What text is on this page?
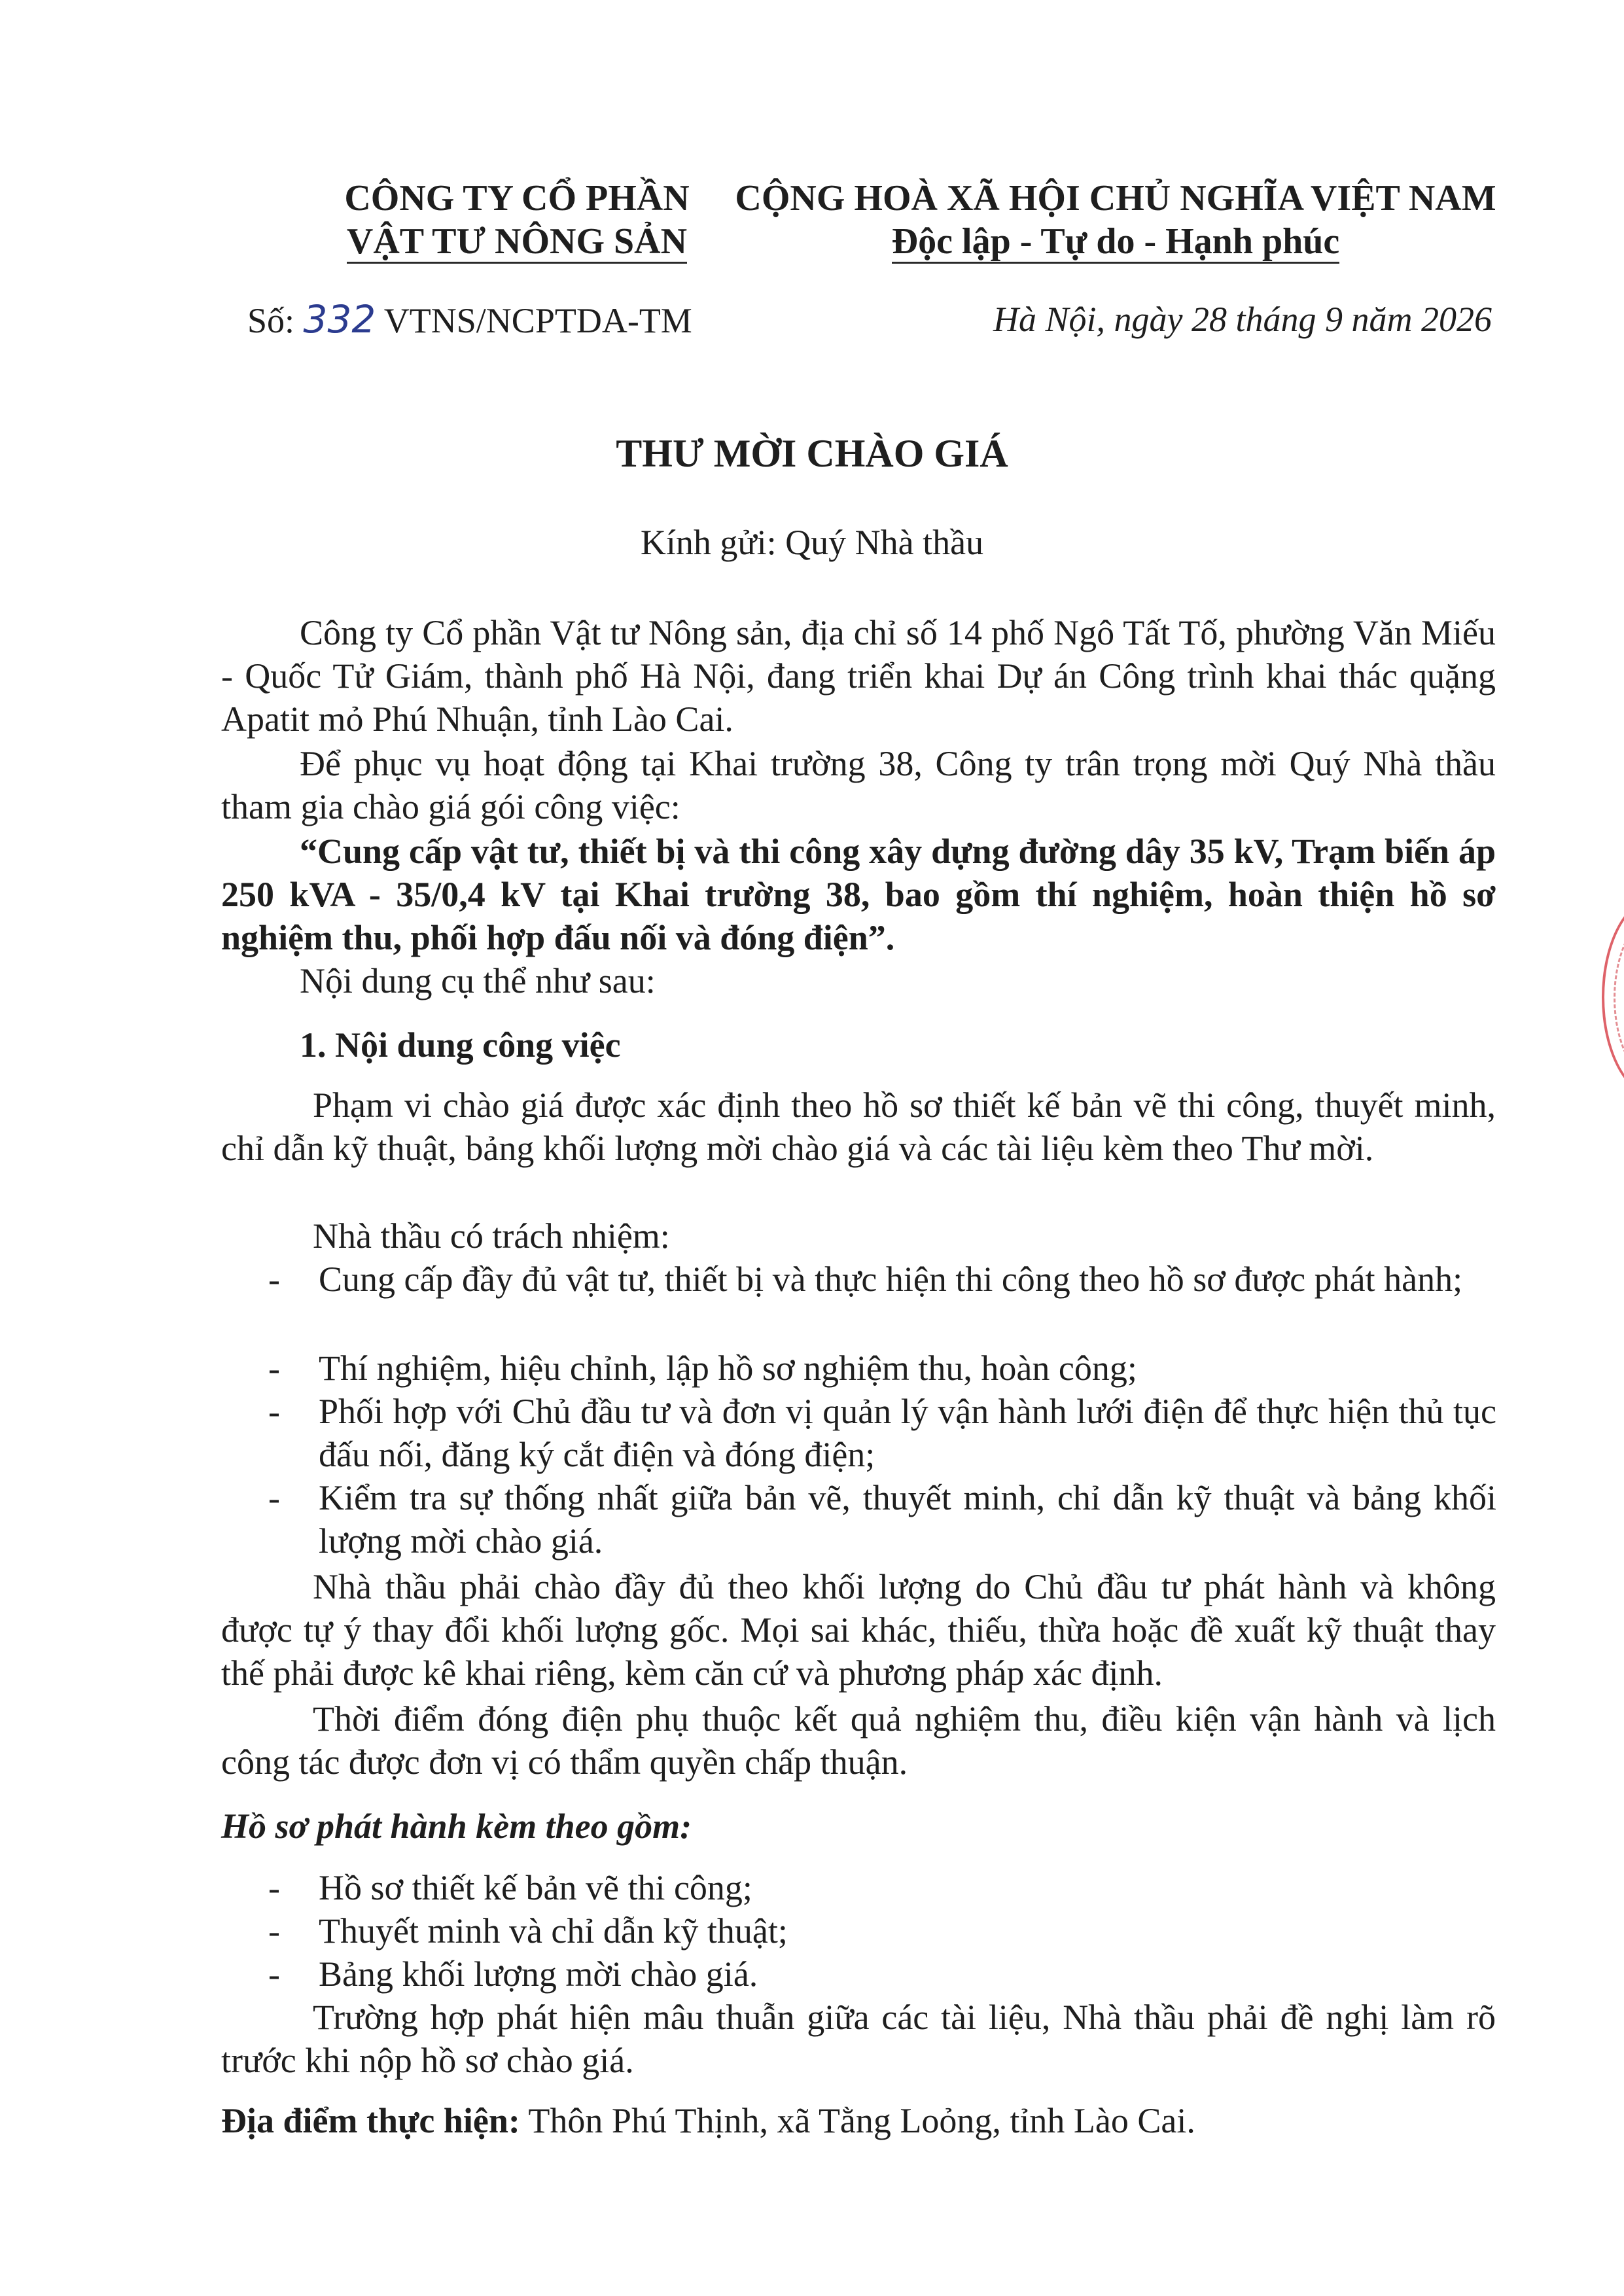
CÔNG TY CỔ PHẦN
VẬT TƯ NÔNG SẢN
CỘNG HOÀ XÃ HỘI CHỦ NGHĨA VIỆT NAM
Độc lập - Tự do - Hạnh phúc
Số: 332 VTNS/NCPTDA-TM	Hà Nội, ngày 28 tháng 9 năm 2026
THƯ MỜI CHÀO GIÁ
Kính gửi: Quý Nhà thầu
Công ty Cổ phần Vật tư Nông sản, địa chỉ số 14 phố Ngô Tất Tố, phường Văn Miếu - Quốc Tử Giám, thành phố Hà Nội, đang triển khai Dự án Công trình khai thác quặng Apatit mỏ Phú Nhuận, tỉnh Lào Cai.
Để phục vụ hoạt động tại Khai trường 38, Công ty trân trọng mời Quý Nhà thầu tham gia chào giá gói công việc:
“Cung cấp vật tư, thiết bị và thi công xây dựng đường dây 35 kV, Trạm biến áp 250 kVA - 35/0,4 kV tại Khai trường 38, bao gồm thí nghiệm, hoàn thiện hồ sơ nghiệm thu, phối hợp đấu nối và đóng điện”.
Nội dung cụ thể như sau:
1. Nội dung công việc
Phạm vi chào giá được xác định theo hồ sơ thiết kế bản vẽ thi công, thuyết minh, chỉ dẫn kỹ thuật, bảng khối lượng mời chào giá và các tài liệu kèm theo Thư mời.
Nhà thầu có trách nhiệm:
- Cung cấp đầy đủ vật tư, thiết bị và thực hiện thi công theo hồ sơ được phát hành;
- Thí nghiệm, hiệu chỉnh, lập hồ sơ nghiệm thu, hoàn công;
- Phối hợp với Chủ đầu tư và đơn vị quản lý vận hành lưới điện để thực hiện thủ tục đấu nối, đăng ký cắt điện và đóng điện;
- Kiểm tra sự thống nhất giữa bản vẽ, thuyết minh, chỉ dẫn kỹ thuật và bảng khối lượng mời chào giá.
Nhà thầu phải chào đầy đủ theo khối lượng do Chủ đầu tư phát hành và không được tự ý thay đổi khối lượng gốc. Mọi sai khác, thiếu, thừa hoặc đề xuất kỹ thuật thay thế phải được kê khai riêng, kèm căn cứ và phương pháp xác định.
Thời điểm đóng điện phụ thuộc kết quả nghiệm thu, điều kiện vận hành và lịch công tác được đơn vị có thẩm quyền chấp thuận.
Hồ sơ phát hành kèm theo gồm:
- Hồ sơ thiết kế bản vẽ thi công;
- Thuyết minh và chỉ dẫn kỹ thuật;
- Bảng khối lượng mời chào giá.
Trường hợp phát hiện mâu thuẫn giữa các tài liệu, Nhà thầu phải đề nghị làm rõ trước khi nộp hồ sơ chào giá.
Địa điểm thực hiện: Thôn Phú Thịnh, xã Tằng Loỏng, tỉnh Lào Cai.
